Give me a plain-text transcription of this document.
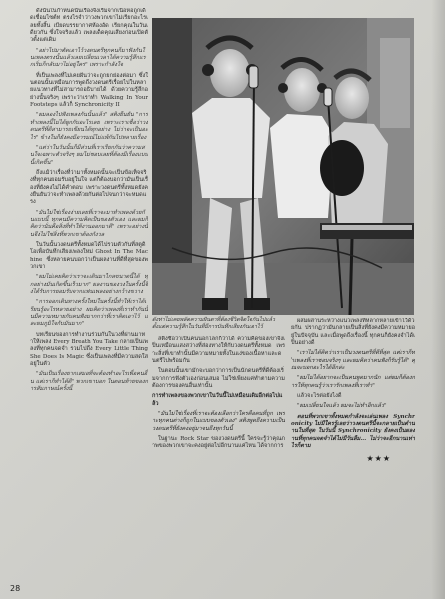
ดังนั้นในกำหนดนั้นเรื่องจึงเริ่มจากเนื้อหอถูกเด็ดเชื่อมไซต์ท ตรงไรจำว่าวงพวกเขาไม่เรียกอะไรเลยทั้งสิ้น เบียดบรรยากาศห้องอัด เรียกคุณในวันเดียวกัน ซึ่งใจจริงแล้ว เพลงเด็ดคุณเสียงก่อนเปิดตัวตั้งแต่เดิม

"อย่าไปมาตัดเอาไว้วงดนตรีทุกคนก็มาฟังกันในเพลงตรงนั้นแล้วเลยเปลี่ยนเวลาได้ความรู้สึกแรกเริ่มก็กลับมาไม่อยู่ใคร" เพราะกำลังใจ

ที่เป็นเพลงที่ไม่เคยฝันว่าจะถูกยกย่องต่อมา ซึ่งในตอนนั้นเหมือนการพูดถึงวงดนตรีเรื่อยไปในหลายแนวทางที่ไม่สามารถอธิบายได้ ด้วยความรู้สึกอย่างนั้นจริงๆ เพราะว่าเราทำ Walking In Your Footsteps แล้วก็ Synchronicity II

"ผมลองไปฟังเพลงกันนั้นแล้ว" สติงยืนยัน "การทำเพลงนี้ไม่ได้ผูกกับอะไรเลย เพราะเราเชื่อว่าวงดนตรีที่ดีสามารถเขียนได้ทุกอย่าง ไม่ว่าจะเป็นอะไร" ข้างในก็ยังคงมีอารมณ์ไม่แพ้กันไปหลายเรื่อง

"แต่ว่าในวันนั้นก็มีส่วนที่เราเรียกกันว่าความสนใจเฉพาะตัวจริงๆ ผมไม่ชอบเลยที่ต้องมีเรื่องแบบนี้เกิดขึ้น"

ถึงแม้ว่าเรื่องที่ว่ามาทั้งหมดนั้นจะเป็นข้อเท็จจริงที่ทุกคนยอมรับอยู่ในใจ แต่ก็ต้องบอกว่ามันเป็นเรื่องที่ยังคงไม่ได้คำตอบ เพราะวงดนตรีทั้งหมดยังคงยืนยันว่าจะทำเพลงด้วยกันต่อไปจนกว่าจะหมดแรง

"มันไม่ใช่เรื่องง่ายเลยที่เราจะมาทำเพลงด้วยกันแบบนี้ ทุกคนมีความคิดเป็นของตัวเอง และผมก็คิดว่านั่นคือสิ่งที่ทำให้งานออกมาดี" เพราะอย่างนั้นจึงไม่ใช่สิ่งที่พวกเขาต้องกังวล

ในวันนั้นวงดนตรีทั้งหมดได้ไปรวมตัวกันที่สตูดิโอเพื่อบันทึกเสียงเพลงใหม่ Ghost In The Machine ซึ่งหลายคนบอกว่าเป็นผลงานที่ดีที่สุดของพวกเขา

"ผมไม่เคยคิดว่าเราจะเดินมาไกลขนาดนี้ได้ ทุกอย่างมันเกิดขึ้นเร็วมาก" ผลงานของวงในครั้งนี้จึงได้รับการยอมรับจากแฟนเพลงอย่างกว้างขวาง

"การออกเดินทางครั้งใหม่ในครั้งนี้ทำให้เราได้เรียนรู้อะไรหลายอย่าง ผมคิดว่าเพลงที่เราทำกันนั้นมีความหมายกับคนฟังมากกว่าที่เราคิดเอาไว้ และผมภูมิใจกับมันมาก"

บทเรียนของการทำงานร่วมกันในวงที่ผ่านมาทำให้เพลง Every Breath You Take กลายเป็นเพลงที่ทุกคนจดจำ รวมไปถึง Every Little Thing She Does Is Magic ซึ่งเป็นเพลงที่มีความสดใสอยู่ในตัว

"มันเป็นเรื่องยากเสมอที่จะต้องทำอะไรเพื่อคนอื่น แต่เราก็ทำได้ดี" พวกเขาบอก ในตอนท้ายของการสัมภาษณ์ครั้งนี้

ดังท่าไม่เคยพลัดความฝันตาที่ต้องชีวิตจิตใจกันไปแล้ว ตั้งแต่ความรู้สึกในวันที่มีการบันทึกเสียงกันเอาไว้

สติงชื่อว่าเป็นคนนอกโลกก็ว่าได้ ความคิดของเขาจึงเป็นเหมือนแสงสว่างที่ส่องทางให้กับวงดนตรีทั้งหมด เพราะสิ่งที่เขาทำนั้นมีความหมายทั้งในแง่ของเนื้อหาและดนตรีไปพร้อมกัน

ในตอนนั้นเขามักจะบอกว่าการเป็นนักดนตรีที่ดีต้องเริ่มจากการฟังตัวเองก่อนเสมอ ไม่ใช่เพียงแค่ทำตามความต้องการของคนอื่นเท่านั้น

การทำเพลงของพวกเขาในวันนี้ไม่เหมือนเดิมอีกต่อไปแล้ว

"มันไม่ใช่เรื่องที่เราจะต้องเลือกว่าใครคือคนที่ถูก เพราะทุกคนต่างก็ถูกในแบบของตัวเอง" สติงพูดถึงความเป็นวงดนตรีที่ยังคงอยู่มาจนถึงทุกวันนี้

ในฐานะ Rock Star ของวงดนตรีนี้ ใครจะรู้ว่าคุณภาพของพวกเขาจะคงอยู่ต่อไปอีกนานแค่ไหน ได้จากการ

ผสมผสานระหว่างแนวเพลงที่หลากหลายเข้าไว้ด้วยกัน ปรากฏว่ามันกลายเป็นสิ่งที่ยังคงมีความหมายอยู่ในปัจจุบัน และเมื่อพูดถึงเรื่องนี้ ทุกคนก็ยังคงจำได้เป็นอย่างดี

"เราไม่ได้คิดว่าเราเป็นวงดนตรีที่ดีที่สุด แต่เราก็ทำเพลงที่เราชอบจริงๆ และผมคิดว่าคนฟังก็รับรู้ได้" คุณจะบอกอะไรได้อีกล่ะ

"ผมไม่ได้อยากจะเป็นคนพูดมากนัก แต่ผมก็ต้องการให้ทุกคนรู้ว่าเรารักเพลงที่เราทำ"

แล้วจะไรต่อยังไงดี

"ผมเปลี่ยนใจแล้ว ผมจะไม่ทำอีกแล้ว"

ตอนที่พวกเขาทั้งหมดกำลังจะเล่นเพลง Synchronicity ไม่มีใครรู้เลยว่าวงดนตรีนี้จะกลายเป็นตำนานในที่สุด ในวันนี้ Synchronicity ยังคงเป็นผลงานที่ทุกคนจดจำได้ไม่มีวันลืม... ไม่ว่าจะอีกนานเท่าไรก็ตาม

★★★
28
